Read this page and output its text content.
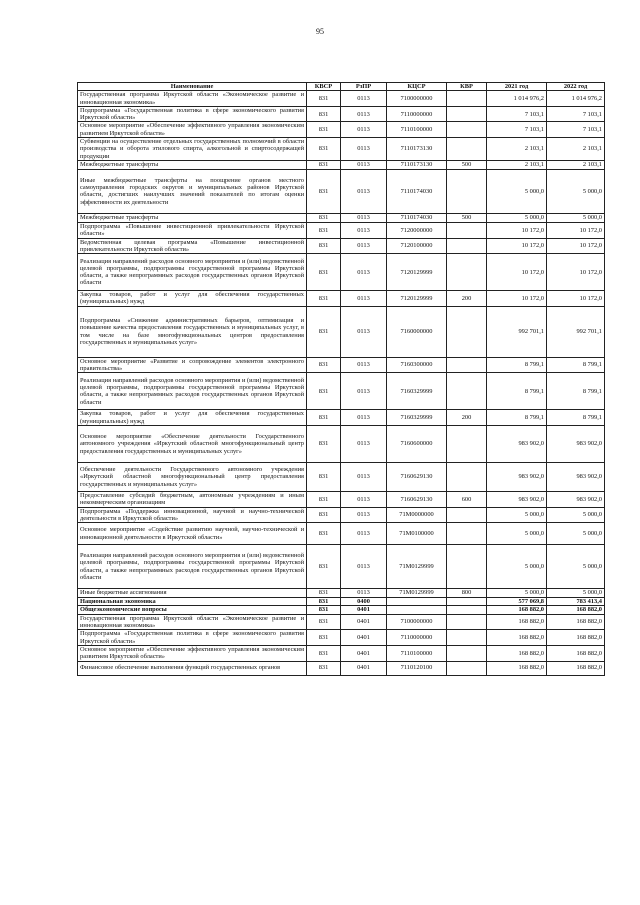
95
Наименование	КВСР	РзПР	КЦСР	КВР	2021 год	2022 год
Государственная программа Иркутской области «Экономическое развитие и инновационная экономика»	831	0113	7100000000		1 014 976,2	1 014 976,2
Подпрограмма «Государственная политика в сфере экономического развития Иркутской области»	831	0113	7110000000		7 103,1	7 103,1
Основное мероприятие «Обеспечение эффективного управления экономическим развитием Иркутской области»	831	0113	7110100000		7 103,1	7 103,1
Субвенции на осуществление отдельных государственных полномочий в области производства и оборота этилового спирта, алкогольной и спиртосодержащей продукции	831	0113	7110173130		2 103,1	2 103,1
Межбюджетные трансферты	831	0113	7110173130	500	2 103,1	2 103,1
Иные межбюджетные трансферты на поощрение органов местного самоуправления городских округов и муниципальных районов Иркутской области, достигших наилучших значений показателей по итогам оценки эффективности их деятельности	831	0113	7110174030		5 000,0	5 000,0
Межбюджетные трансферты	831	0113	7110174030	500	5 000,0	5 000,0
Подпрограмма «Повышение инвестиционной привлекательности Иркутской области»	831	0113	7120000000		10 172,0	10 172,0
Ведомственная целевая программа «Повышение инвестиционной привлекательности Иркутской области»	831	0113	7120100000		10 172,0	10 172,0
Реализация направлений расходов основного мероприятия и (или) ведомственной целевой программы, подпрограммы государственной программы Иркутской области, а также непрограммных расходов государственных органов Иркутской области	831	0113	7120129999		10 172,0	10 172,0
Закупка товаров, работ и услуг для обеспечения государственных (муниципальных) нужд	831	0113	7120129999	200	10 172,0	10 172,0
Подпрограмма «Снижение административных барьеров, оптимизация и повышение качества предоставления государственных и муниципальных услуг, в том числе на базе многофункциональных центров предоставления государственных и муниципальных услуг»	831	0113	7160000000		992 701,1	992 701,1
Основное мероприятие «Развитие и сопровождение элементов электронного правительства»	831	0113	7160300000		8 799,1	8 799,1
Реализация направлений расходов основного мероприятия и (или) ведомственной целевой программы, подпрограммы государственной программы Иркутской области, а также непрограммных расходов государственных органов Иркутской области	831	0113	7160329999		8 799,1	8 799,1
Закупка товаров, работ и услуг для обеспечения государственных (муниципальных) нужд	831	0113	7160329999	200	8 799,1	8 799,1
Основное мероприятие «Обеспечение деятельности Государственного автономного учреждения «Иркутский областной многофункциональный центр предоставления государственных и муниципальных услуг»	831	0113	7160600000		983 902,0	983 902,0
Обеспечение деятельности Государственного автономного учреждения «Иркутский областной многофункциональный центр предоставления государственных и муниципальных услуг»	831	0113	7160629130		983 902,0	983 902,0
Предоставление субсидий бюджетным, автономным учреждениям и иным некоммерческим организациям	831	0113	7160629130	600	983 902,0	983 902,0
Подпрограмма «Поддержка инновационной, научной и научно-технической деятельности в Иркутской области»	831	0113	71М0000000		5 000,0	5 000,0
Основное мероприятие «Содействие развитию научной, научно-технической и инновационной деятельности в Иркутской области»	831	0113	71М0100000		5 000,0	5 000,0
Реализация направлений расходов основного мероприятия и (или) ведомственной целевой программы, подпрограммы государственной программы Иркутской области, а также непрограммных расходов государственных органов Иркутской области	831	0113	71М0129999		5 000,0	5 000,0
Иные бюджетные ассигнования	831	0113	71М0129999	800	5 000,0	5 000,0
Национальная экономика	831	0400			577 069,8	783 413,4
Общеэкономические вопросы	831	0401			168 882,0	168 882,0
Государственная программа Иркутской области «Экономическое развитие и инновационная экономика»	831	0401	7100000000		168 882,0	168 882,0
Подпрограмма «Государственная политика в сфере экономического развития Иркутской области»	831	0401	7110000000		168 882,0	168 882,0
Основное мероприятие «Обеспечение эффективного управления экономическим развитием Иркутской области»	831	0401	7110100000		168 882,0	168 882,0
Финансовое обеспечение выполнения функций государственных органов	831	0401	7110120100		168 882,0	168 882,0
